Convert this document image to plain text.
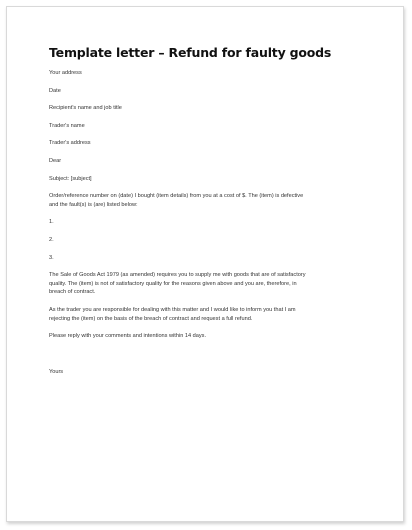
Template letter – Refund for faulty goods
Your address
Date
Recipient's name and job title
Trader's name
Trader's address
Dear
Subject: [subject]
Order/reference number on (date) I bought (item details) from you at a cost of $. The (item) is defective
and the fault(s) is (are) listed below:
1.
2.
3.
The Sale of Goods Act 1979 (as amended) requires you to supply me with goods that are of satisfactory
quality. The (item) is not of satisfactory quality for the reasons given above and you are, therefore, in
breach of contract.
As the trader you are responsible for dealing with this matter and I would like to inform you that I am
rejecting the (item) on the basis of the breach of contract and request a full refund.
Please reply with your comments and intentions within 14 days.
Yours
